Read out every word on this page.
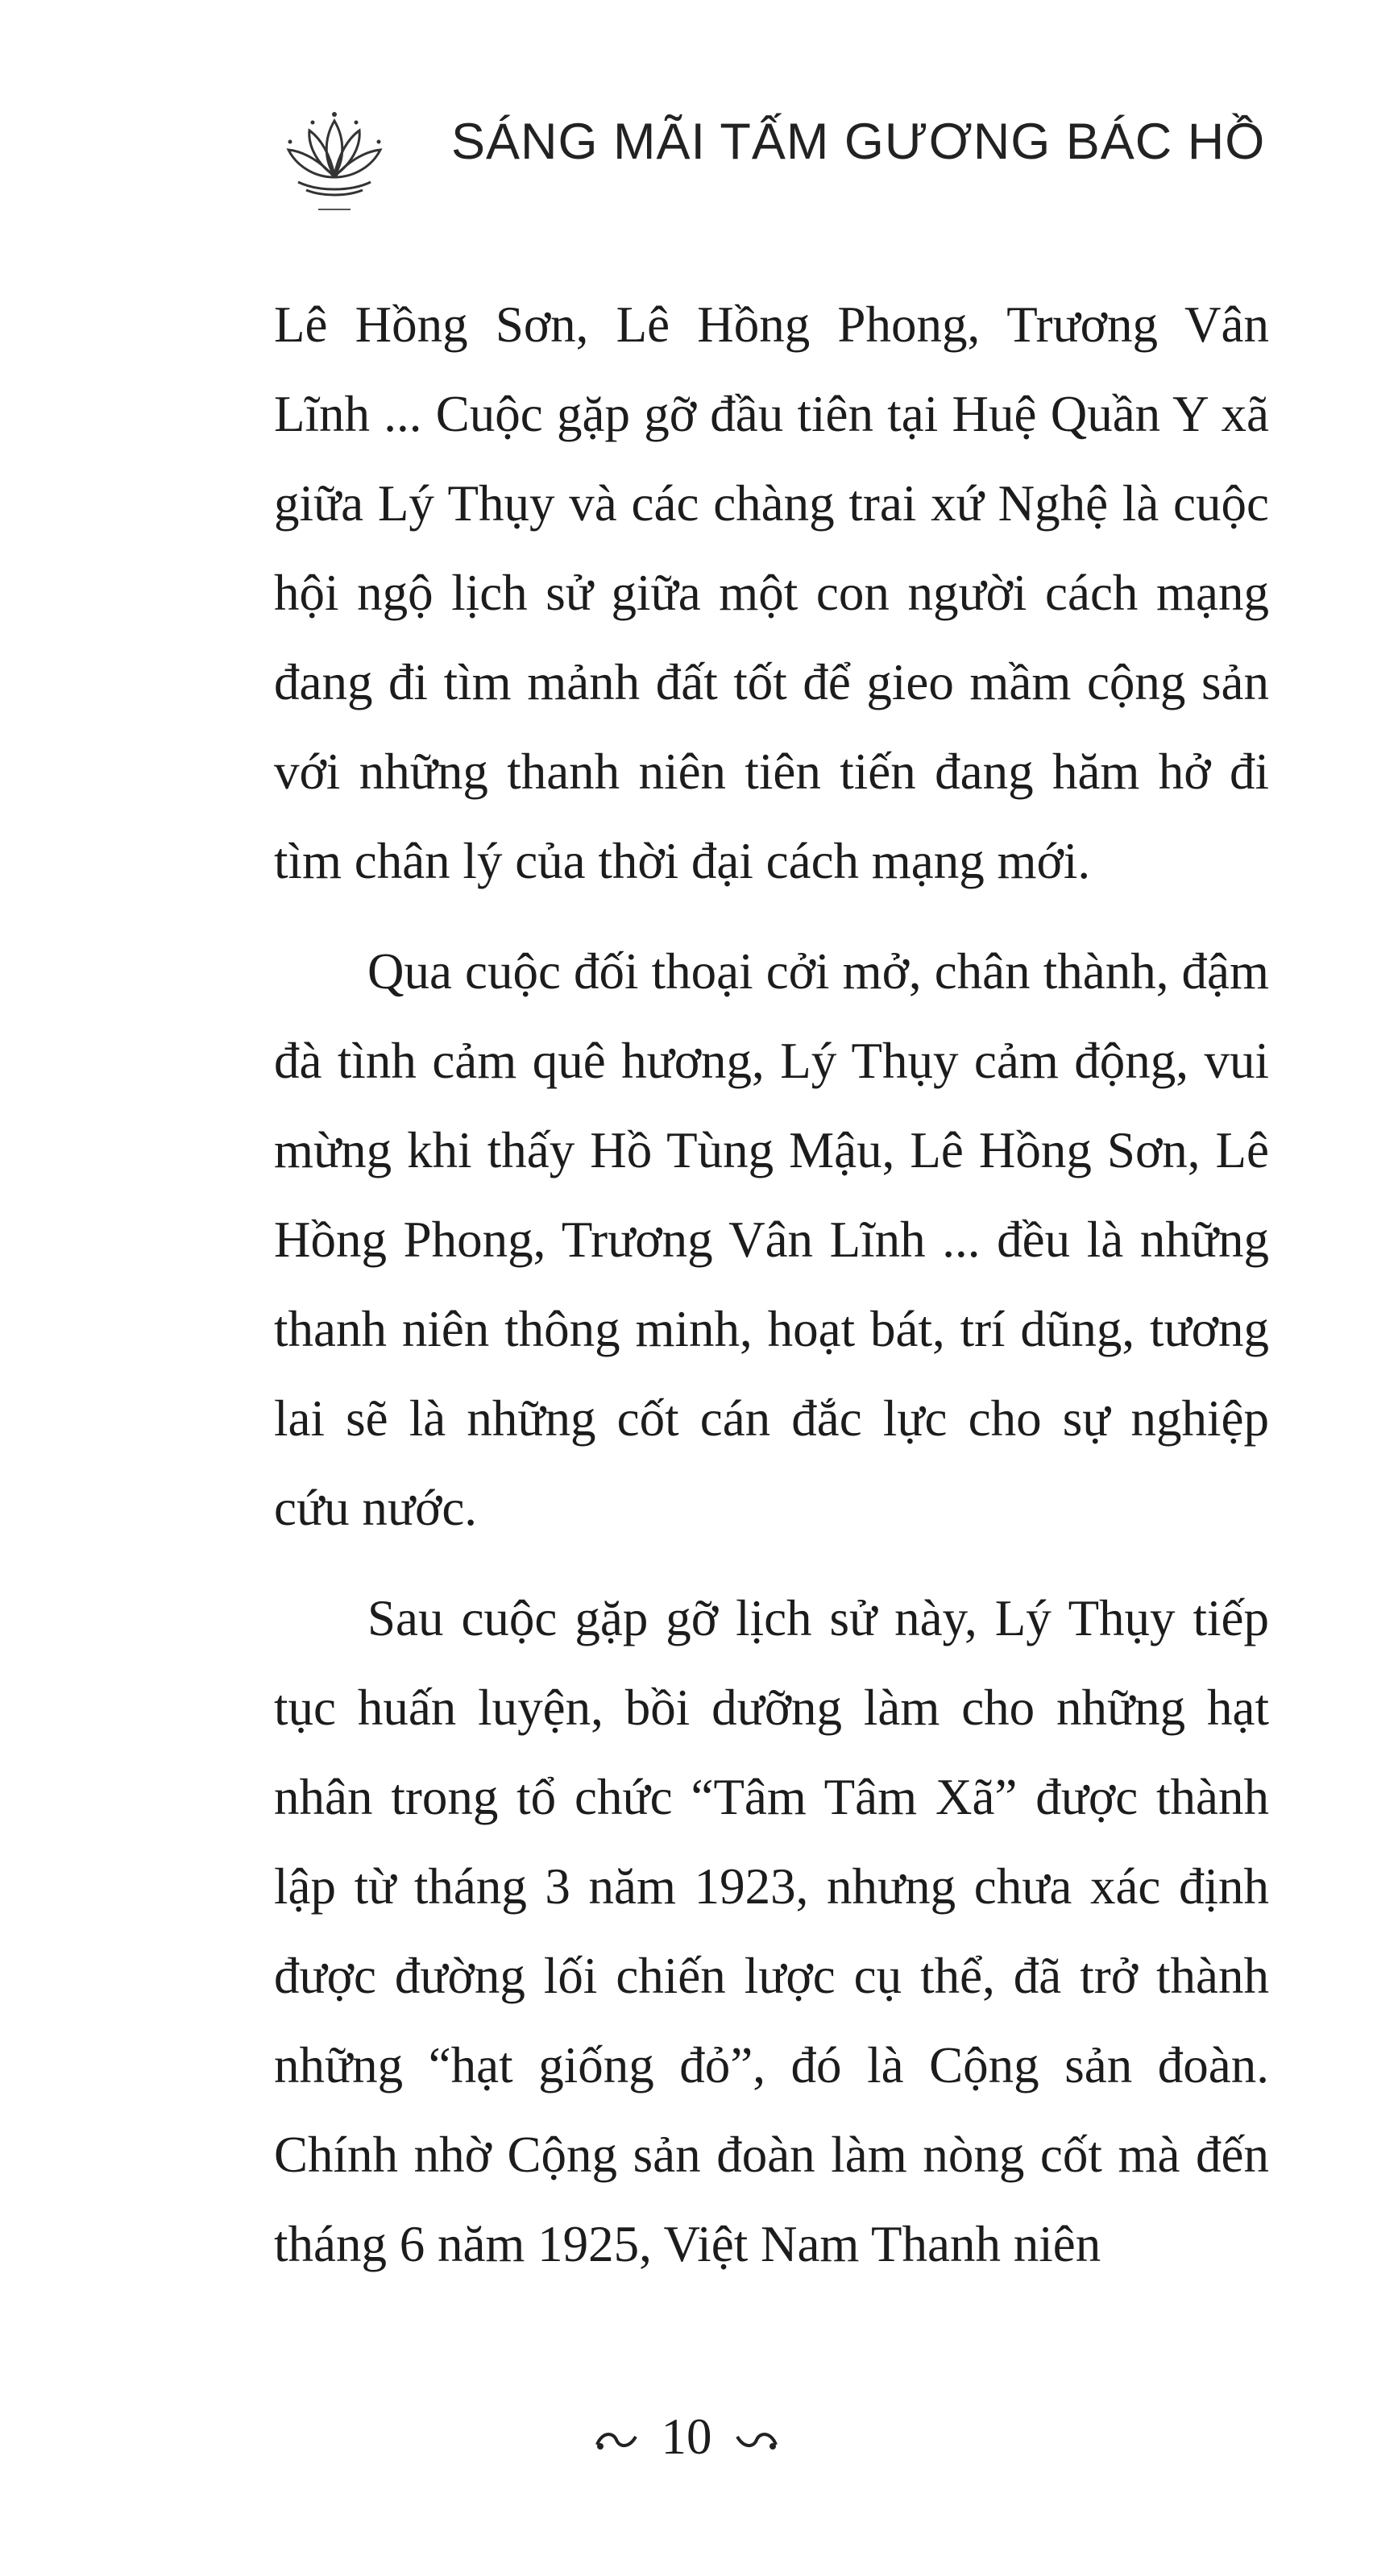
SÁNG MÃI TẤM GƯƠNG BÁC HỒ

Lê Hồng Sơn, Lê Hồng Phong, Trương Vân Lĩnh ... Cuộc gặp gỡ đầu tiên tại Huệ Quần Y xã giữa Lý Thụy và các chàng trai xứ Nghệ là cuộc hội ngộ lịch sử giữa một con người cách mạng đang đi tìm mảnh đất tốt để gieo mầm cộng sản với những thanh niên tiên tiến đang hăm hở đi tìm chân lý của thời đại cách mạng mới.

Qua cuộc đối thoại cởi mở, chân thành, đậm đà tình cảm quê hương, Lý Thụy cảm động, vui mừng khi thấy Hồ Tùng Mậu, Lê Hồng Sơn, Lê Hồng Phong, Trương Vân Lĩnh ... đều là những thanh niên thông minh, hoạt bát, trí dũng, tương lai sẽ là những cốt cán đắc lực cho sự nghiệp cứu nước.

Sau cuộc gặp gỡ lịch sử này, Lý Thụy tiếp tục huấn luyện, bồi dưỡng làm cho những hạt nhân trong tổ chức “Tâm Tâm Xã” được thành lập từ tháng 3 năm 1923, nhưng chưa xác định được đường lối chiến lược cụ thể, đã trở thành những “hạt giống đỏ”, đó là Cộng sản đoàn. Chính nhờ Cộng sản đoàn làm nòng cốt mà đến tháng 6 năm 1925, Việt Nam Thanh niên

10
